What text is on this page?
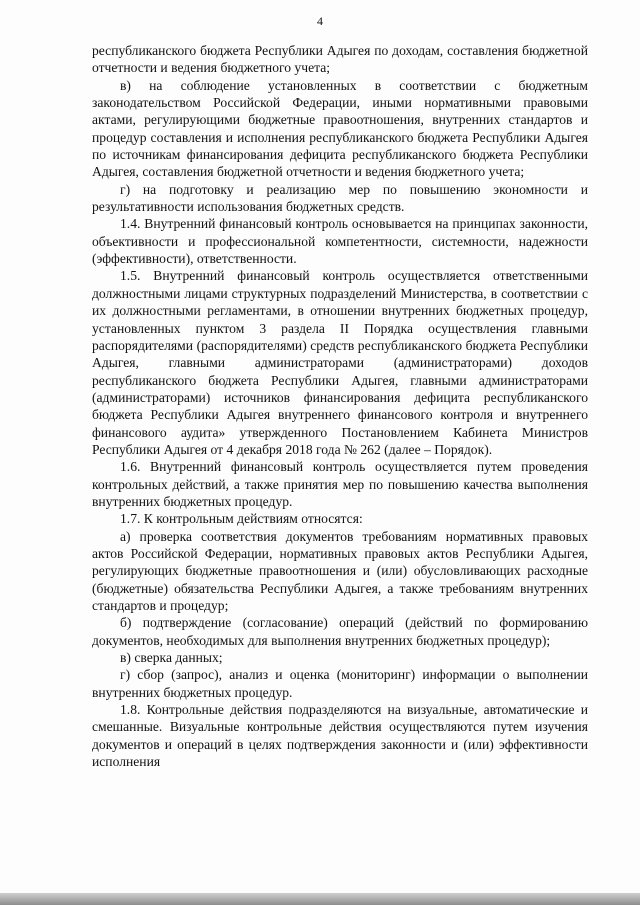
4

республиканского бюджета Республики Адыгея по доходам, составления бюджетной отчетности и ведения бюджетного учета;

в) на соблюдение установленных в соответствии с бюджетным законодательством Российской Федерации, иными нормативными правовыми актами, регулирующими бюджетные правоотношения, внутренних стандартов и процедур составления и исполнения республиканского бюджета Республики Адыгея по источникам финансирования дефицита республиканского бюджета Республики Адыгея, составления бюджетной отчетности и ведения бюджетного учета;

г) на подготовку и реализацию мер по повышению экономности и результативности использования бюджетных средств.

1.4. Внутренний финансовый контроль основывается на принципах законности, объективности и профессиональной компетентности, системности, надежности (эффективности), ответственности.

1.5. Внутренний финансовый контроль осуществляется ответственными должностными лицами структурных подразделений Министерства, в соответствии с их должностными регламентами, в отношении внутренних бюджетных процедур, установленных пунктом 3 раздела II Порядка осуществления главными распорядителями (распорядителями) средств республиканского бюджета Республики Адыгея, главными администраторами (администраторами) доходов республиканского бюджета Республики Адыгея, главными администраторами (администраторами) источников финансирования дефицита республиканского бюджета Республики Адыгея внутреннего финансового контроля и внутреннего финансового аудита» утвержденного Постановлением Кабинета Министров Республики Адыгея от 4 декабря 2018 года № 262 (далее – Порядок).

1.6. Внутренний финансовый контроль осуществляется путем проведения контрольных действий, а также принятия мер по повышению качества выполнения внутренних бюджетных процедур.

1.7. К контрольным действиям относятся:

а) проверка соответствия документов требованиям нормативных правовых актов Российской Федерации, нормативных правовых актов Республики Адыгея, регулирующих бюджетные правоотношения и (или) обусловливающих расходные (бюджетные) обязательства Республики Адыгея, а также требованиям внутренних стандартов и процедур;

б) подтверждение (согласование) операций (действий по формированию документов, необходимых для выполнения внутренних бюджетных процедур);

в) сверка данных;

г) сбор (запрос), анализ и оценка (мониторинг) информации о выполнении внутренних бюджетных процедур.

1.8. Контрольные действия подразделяются на визуальные, автоматические и смешанные. Визуальные контрольные действия осуществляются путем изучения документов и операций в целях подтверждения законности и (или) эффективности исполнения
